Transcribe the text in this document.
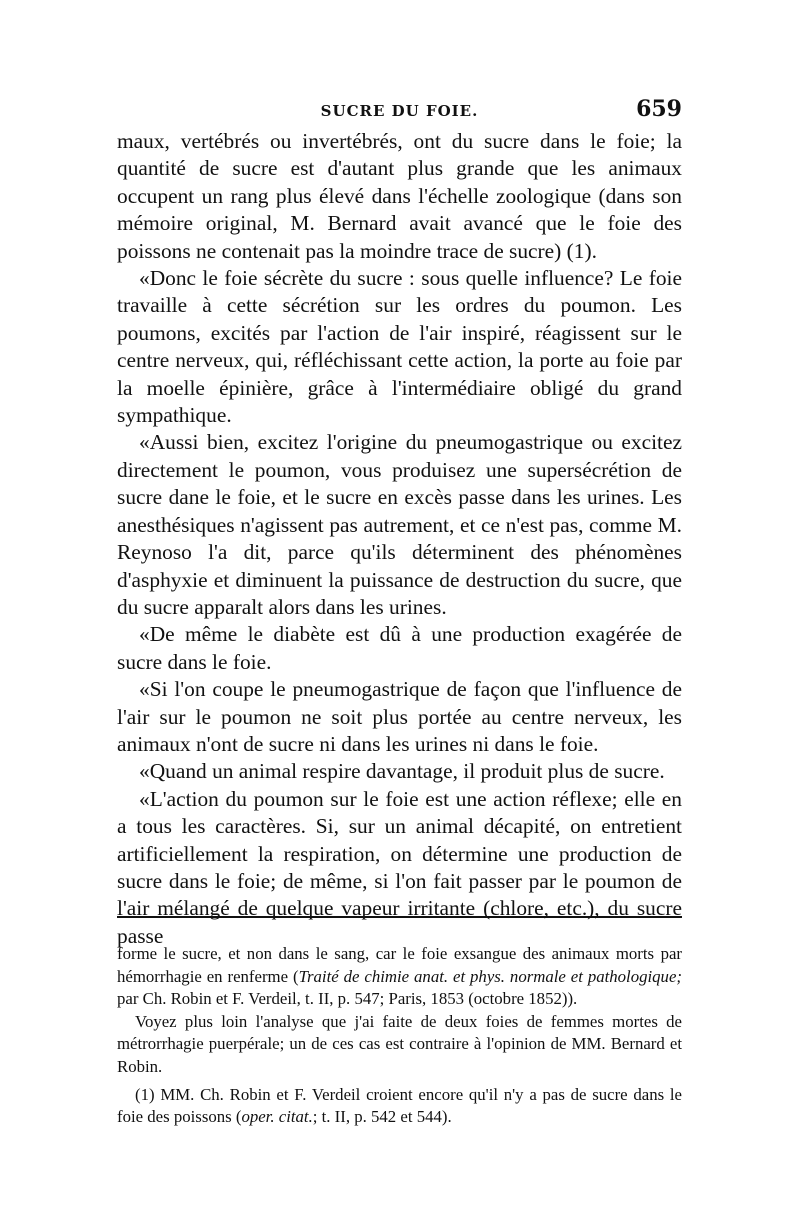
SUCRE DU FOIE.	659

maux, vertébrés ou invertébrés, ont du sucre dans le foie; la quantité de sucre est d'autant plus grande que les animaux occupent un rang plus élevé dans l'échelle zoologique (dans son mémoire original, M. Bernard avait avancé que le foie des poissons ne contenait pas la moindre trace de sucre) (1).

«Donc le foie sécrète du sucre : sous quelle influence? Le foie travaille à cette sécrétion sur les ordres du poumon. Les poumons, excités par l'action de l'air inspiré, réagissent sur le centre nerveux, qui, réfléchissant cette action, la porte au foie par la moelle épinière, grâce à l'intermédiaire obligé du grand sympathique.

«Aussi bien, excitez l'origine du pneumogastrique ou excitez directement le poumon, vous produisez une supersécrétion de sucre dane le foie, et le sucre en excès passe dans les urines. Les anesthésiques n'agissent pas autrement, et ce n'est pas, comme M. Reynoso l'a dit, parce qu'ils déterminent des phénomènes d'asphyxie et diminuent la puissance de destruction du sucre, que du sucre apparalt alors dans les urines.

«De même le diabète est dû à une production exagérée de sucre dans le foie.

«Si l'on coupe le pneumogastrique de façon que l'influence de l'air sur le poumon ne soit plus portée au centre nerveux, les animaux n'ont de sucre ni dans les urines ni dans le foie.

«Quand un animal respire davantage, il produit plus de sucre.

«L'action du poumon sur le foie est une action réflexe; elle en a tous les caractères. Si, sur un animal décapité, on entretient artificiellement la respiration, on détermine une production de sucre dans le foie; de même, si l'on fait passer par le poumon de l'air mélangé de quelque vapeur irritante (chlore, etc.), du sucre passe

forme le sucre, et non dans le sang, car le foie exsangue des animaux morts par hémorrhagie en renferme (Traité de chimie anat. et phys. normale et pathologique; par Ch. Robin et F. Verdeil, t. II, p. 547; Paris, 1853 (octobre 1852)).

Voyez plus loin l'analyse que j'ai faite de deux foies de femmes mortes de métrorrhagie puerpérale; un de ces cas est contraire à l'opinion de MM. Bernard et Robin.

(1) MM. Ch. Robin et F. Verdeil croient encore qu'il n'y a pas de sucre dans le foie des poissons (oper. citat.; t. II, p. 542 et 544).
